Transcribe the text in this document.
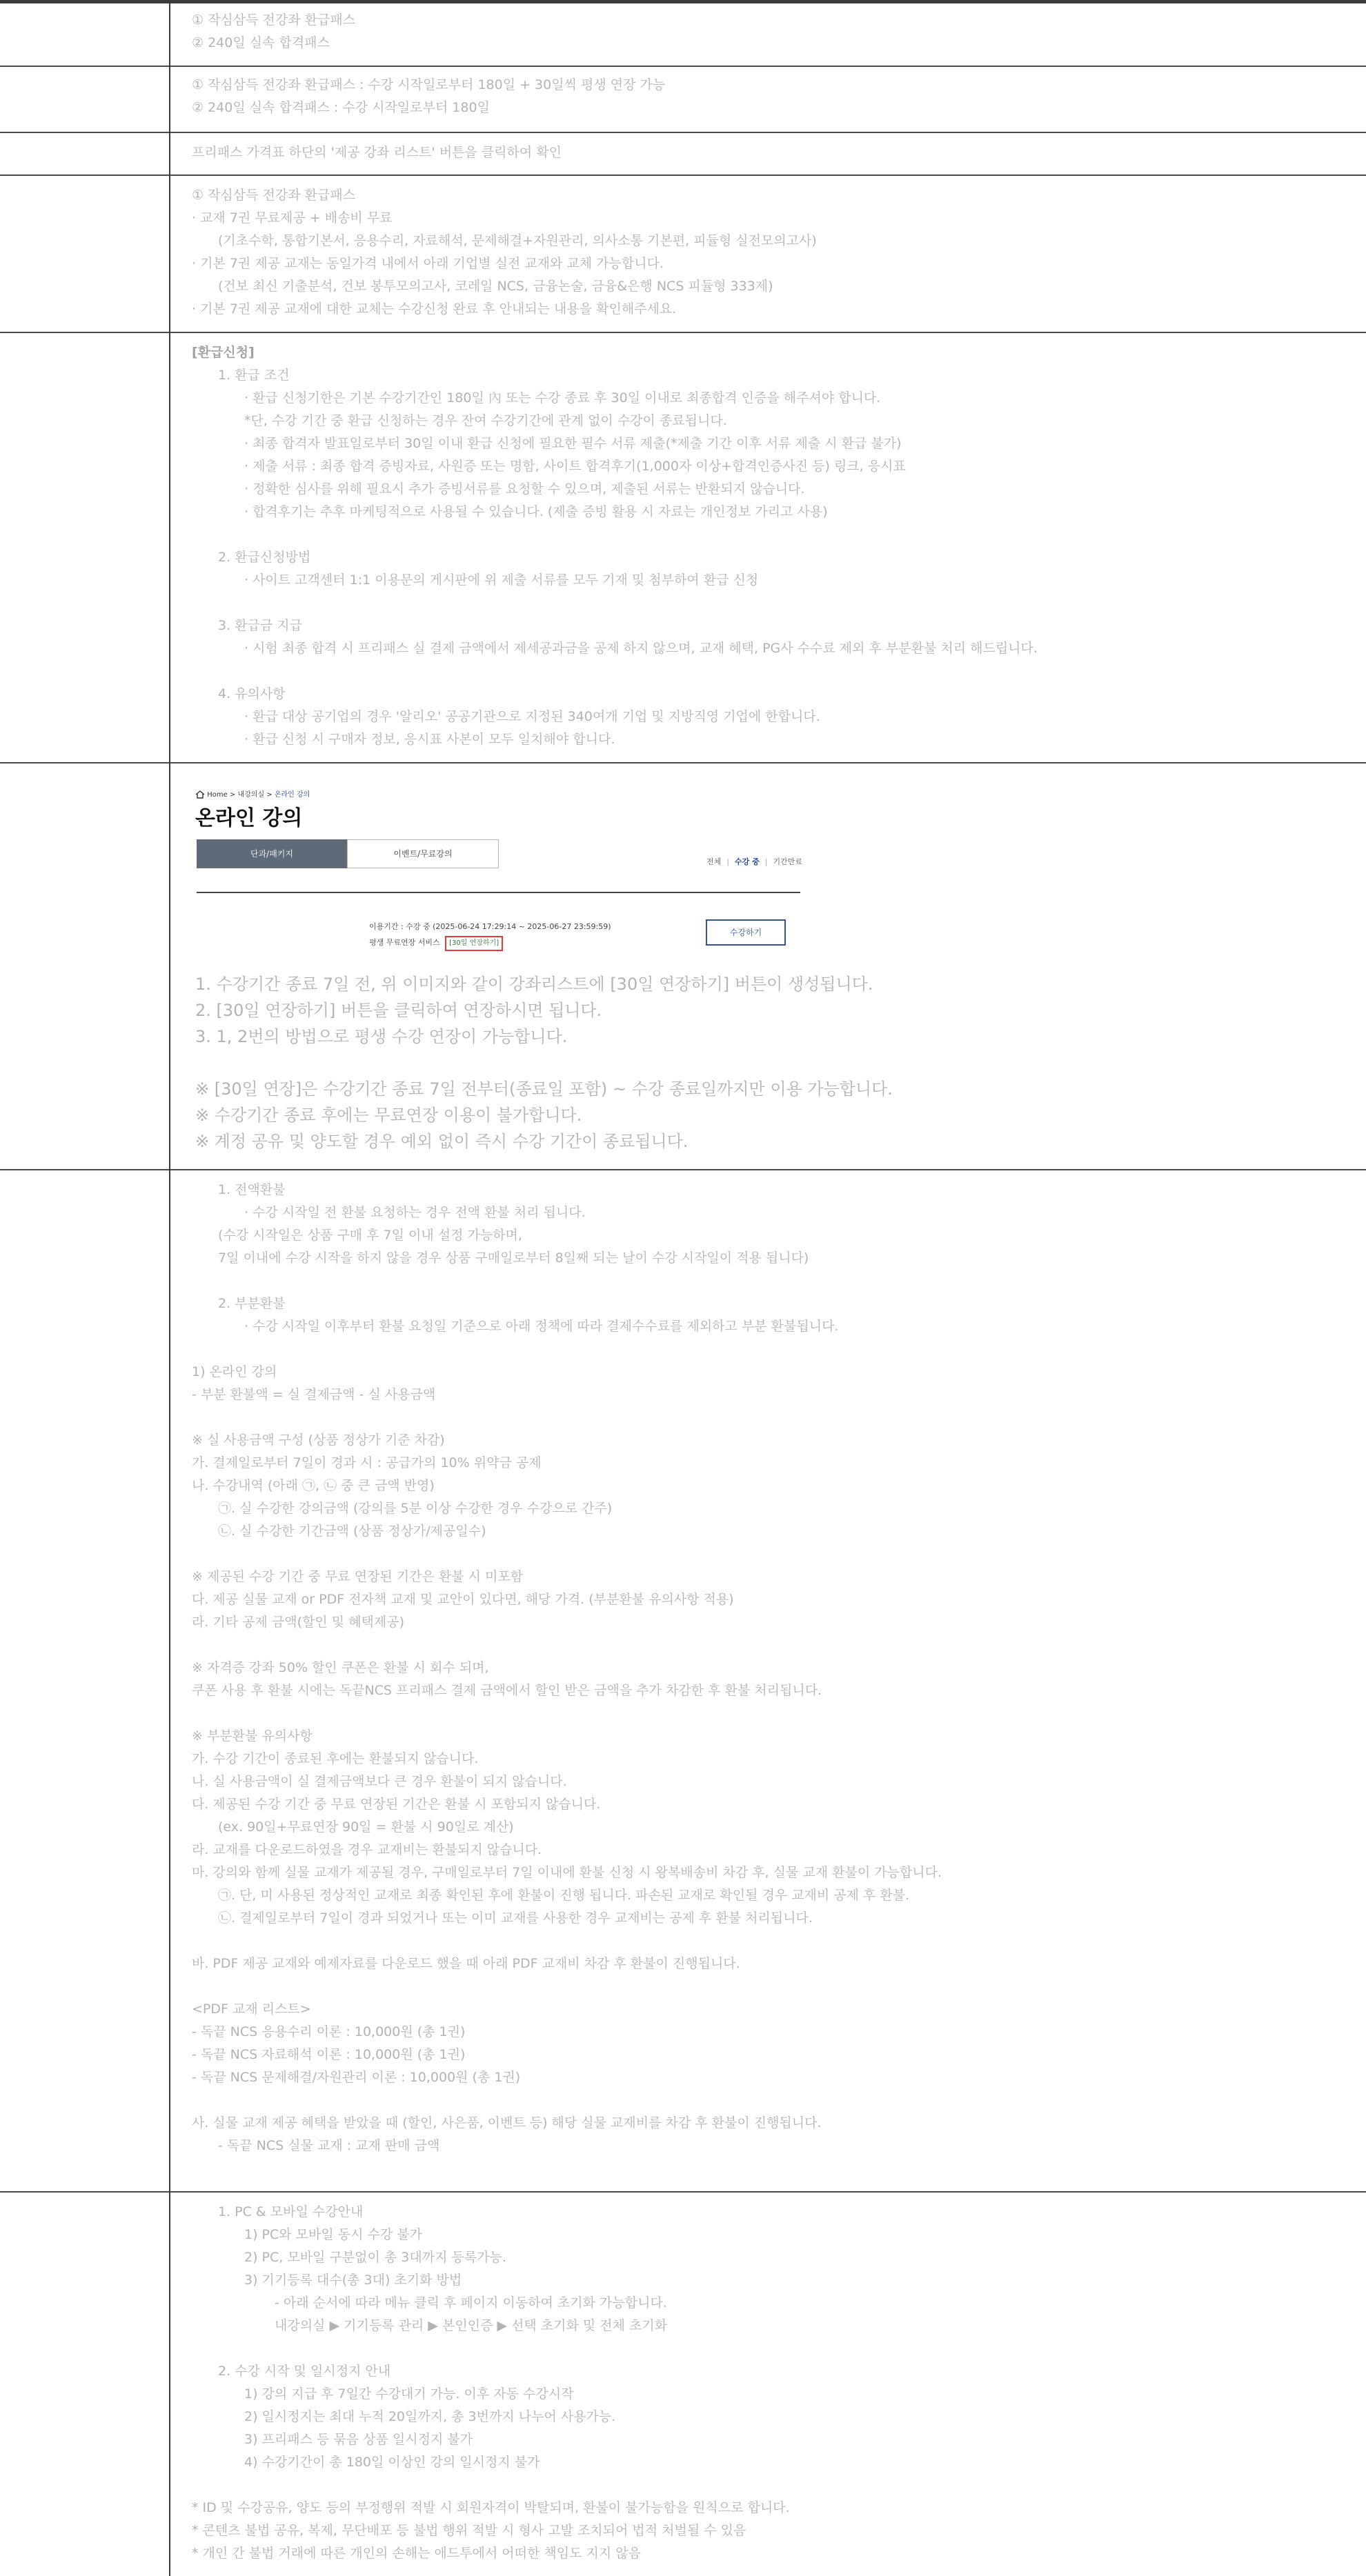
① 작심삼득 전강좌 환급패스
② 240일 실속 합격패스
① 작심삼득 전강좌 환급패스 : 수강 시작일로부터 180일 + 30일씩 평생 연장 가능
② 240일 실속 합격패스 : 수강 시작일로부터 180일
프리패스 가격표 하단의 '제공 강좌 리스트' 버튼을 클릭하여 확인
① 작심삼득 전강좌 환급패스
· 교재 7권 무료제공 + 배송비 무료
(기초수학, 통합기본서, 응용수리, 자료해석, 문제해결+자원관리, 의사소통 기본편, 피듈형 실전모의고사)
· 기본 7권 제공 교재는 동일가격 내에서 아래 기업별 실전 교재와 교체 가능합니다.
(건보 최신 기출분석, 건보 봉투모의고사, 코레일 NCS, 금융논술, 금융&은행 NCS 피듈형 333제)
· 기본 7권 제공 교재에 대한 교체는 수강신청 완료 후 안내되는 내용을 확인해주세요.
[환급신청]
1. 환급 조건
· 환급 신청기한은 기본 수강기간인 180일 內 또는 수강 종료 후 30일 이내로 최종합격 인증을 해주셔야 합니다.
*단, 수강 기간 중 환급 신청하는 경우 잔여 수강기간에 관계 없이 수강이 종료됩니다.
· 최종 합격자 발표일로부터 30일 이내 환급 신청에 필요한 필수 서류 제출(*제출 기간 이후 서류 제출 시 환급 불가)
· 제출 서류 : 최종 합격 증빙자료, 사원증 또는 명함, 사이트 합격후기(1,000자 이상+합격인증사진 등) 링크, 응시표
· 정확한 심사를 위해 필요시 추가 증빙서류를 요청할 수 있으며, 제출된 서류는 반환되지 않습니다.
· 합격후기는 추후 마케팅적으로 사용될 수 있습니다. (제출 증빙 활용 시 자료는 개인정보 가리고 사용)
2. 환급신청방법
· 사이트 고객센터 1:1 이용문의 게시판에 위 제출 서류를 모두 기재 및 첨부하여 환급 신청
3. 환급금 지급
· 시험 최종 합격 시 프리패스 실 결제 금액에서 제세공과금을 공제 하지 않으며, 교재 혜택, PG사 수수료 제외 후 부분환불 처리 해드립니다.
4. 유의사항
· 환급 대상 공기업의 경우 '알리오' 공공기관으로 지정된 340여개 기업 및 지방직영 기업에 한합니다.
· 환급 신청 시 구매자 정보, 응시표 사본이 모두 일치해야 합니다.
Home > 내강의실 > 온라인 강의
온라인 강의
단과/패키지	이벤트/무료강의
전체 | 수강 중 | 기간만료
이용기간 : 수강 중 (2025-06-24 17:29:14 ~ 2025-06-27 23:59:59)
평생 무료연장 서비스 [30일 연장하기]
수강하기
1. 수강기간 종료 7일 전, 위 이미지와 같이 강좌리스트에 [30일 연장하기] 버튼이 생성됩니다.
2. [30일 연장하기] 버튼을 클릭하여 연장하시면 됩니다.
3. 1, 2번의 방법으로 평생 수강 연장이 가능합니다.
※ [30일 연장]은 수강기간 종료 7일 전부터(종료일 포함) ~ 수강 종료일까지만 이용 가능합니다.
※ 수강기간 종료 후에는 무료연장 이용이 불가합니다.
※ 계정 공유 및 양도할 경우 예외 없이 즉시 수강 기간이 종료됩니다.
1. 전액환불
· 수강 시작일 전 환불 요청하는 경우 전액 환불 처리 됩니다.
(수강 시작일은 상품 구매 후 7일 이내 설정 가능하며,
7일 이내에 수강 시작을 하지 않을 경우 상품 구매일로부터 8일째 되는 날이 수강 시작일이 적용 됩니다)
2. 부분환불
· 수강 시작일 이후부터 환불 요청일 기준으로 아래 정책에 따라 결제수수료를 제외하고 부분 환불됩니다.
1) 온라인 강의
- 부분 환불액 = 실 결제금액 - 실 사용금액
※ 실 사용금액 구성 (상품 정상가 기준 차감)
가. 결제일로부터 7일이 경과 시 : 공급가의 10% 위약금 공제
나. 수강내역 (아래 ㉠, ㉡ 중 큰 금액 반영)
㉠. 실 수강한 강의금액 (강의를 5분 이상 수강한 경우 수강으로 간주)
㉡. 실 수강한 기간금액 (상품 정상가/제공일수)
※ 제공된 수강 기간 중 무료 연장된 기간은 환불 시 미포함
다. 제공 실물 교재 or PDF 전자책 교재 및 교안이 있다면, 해당 가격. (부분환불 유의사항 적용)
라. 기타 공제 금액(할인 및 혜택제공)
※ 자격증 강좌 50% 할인 쿠폰은 환불 시 회수 되며,
쿠폰 사용 후 환불 시에는 독끝NCS 프리패스 결제 금액에서 할인 받은 금액을 추가 차감한 후 환불 처리됩니다.
※ 부분환불 유의사항
가. 수강 기간이 종료된 후에는 환불되지 않습니다.
나. 실 사용금액이 실 결제금액보다 큰 경우 환불이 되지 않습니다.
다. 제공된 수강 기간 중 무료 연장된 기간은 환불 시 포함되지 않습니다.
(ex. 90일+무료연장 90일 = 환불 시 90일로 계산)
라. 교재를 다운로드하였을 경우 교재비는 환불되지 않습니다.
마. 강의와 함께 실물 교재가 제공될 경우, 구매일로부터 7일 이내에 환불 신청 시 왕복배송비 차감 후, 실물 교재 환불이 가능합니다.
㉠. 단, 미 사용된 정상적인 교재로 최종 확인된 후에 환불이 진행 됩니다. 파손된 교재로 확인될 경우 교재비 공제 후 환불.
㉡. 결제일로부터 7일이 경과 되었거나 또는 이미 교재를 사용한 경우 교재비는 공제 후 환불 처리됩니다.
바. PDF 제공 교재와 예제자료를 다운로드 했을 때 아래 PDF 교재비 차감 후 환불이 진행됩니다.
<PDF 교재 리스트>
- 독끝 NCS 응용수리 이론 : 10,000원 (총 1권)
- 독끝 NCS 자료해석 이론 : 10,000원 (총 1권)
- 독끝 NCS 문제해결/자원관리 이론 : 10,000원 (총 1권)
사. 실물 교재 제공 혜택을 받았을 때 (할인, 사은품, 이벤트 등) 해당 실물 교재비를 차감 후 환불이 진행됩니다.
- 독끝 NCS 실물 교재 : 교재 판매 금액
1. PC & 모바일 수강안내
1) PC와 모바일 동시 수강 불가
2) PC, 모바일 구분없이 총 3대까지 등록가능.
3) 기기등록 대수(총 3대) 초기화 방법
- 아래 순서에 따라 메뉴 클릭 후 페이지 이동하여 초기화 가능합니다.
내강의실 ▶ 기기등록 관리 ▶ 본인인증 ▶ 선택 초기화 및 전체 초기화
2. 수강 시작 및 일시정지 안내
1) 강의 지급 후 7일간 수강대기 가능. 이후 자동 수강시작
2) 일시정지는 최대 누적 20일까지, 총 3번까지 나누어 사용가능.
3) 프리패스 등 묶음 상품 일시정지 불가
4) 수강기간이 총 180일 이상인 강의 일시정지 불가
* ID 및 수강공유, 양도 등의 부정행위 적발 시 회원자격이 박탈되며, 환불이 불가능함을 원칙으로 합니다.
* 콘텐츠 불법 공유, 복제, 무단배포 등 불법 행위 적발 시 형사 고발 조치되어 법적 처벌될 수 있음
* 개인 간 불법 거래에 따른 개인의 손해는 애드투에서 어떠한 책임도 지지 않음
